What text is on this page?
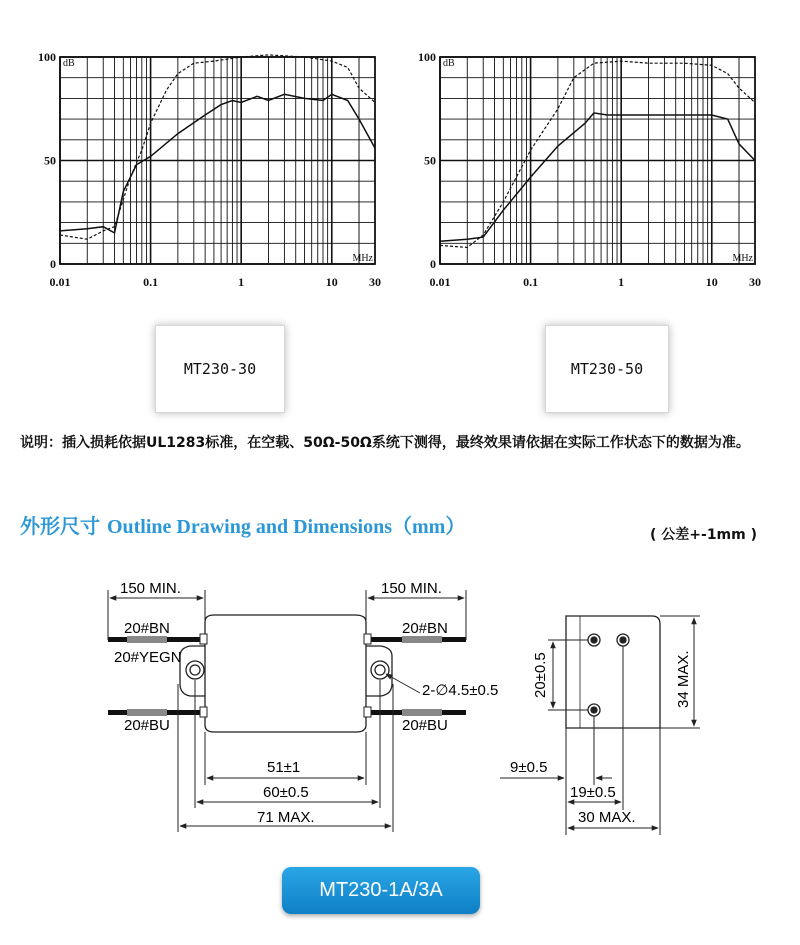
0.01	0.1	1	10	30
0
50
100 dB
MHz
0.01	0.1	1	10	30
0
50
100 dB
MHz
MT230-30	MT230-50
说明：插入损耗依据UL1283标准，在空载、50Ω-50Ω系统下测得，最终效果请依据在实际工作状态下的数据为准。
外形尺寸 Outline Drawing and Dimensions（mm）	( 公差+-1mm )
150 MIN.	150 MIN.
20#BN
20#YEGN
20#BU
20#BN
20#BU
2-∅4.5±0.5
51±1
60±0.5
71 MAX.
20±0.5	34 MAX.
9±0.5
19±0.5
30 MAX.
MT230-1A/3A
